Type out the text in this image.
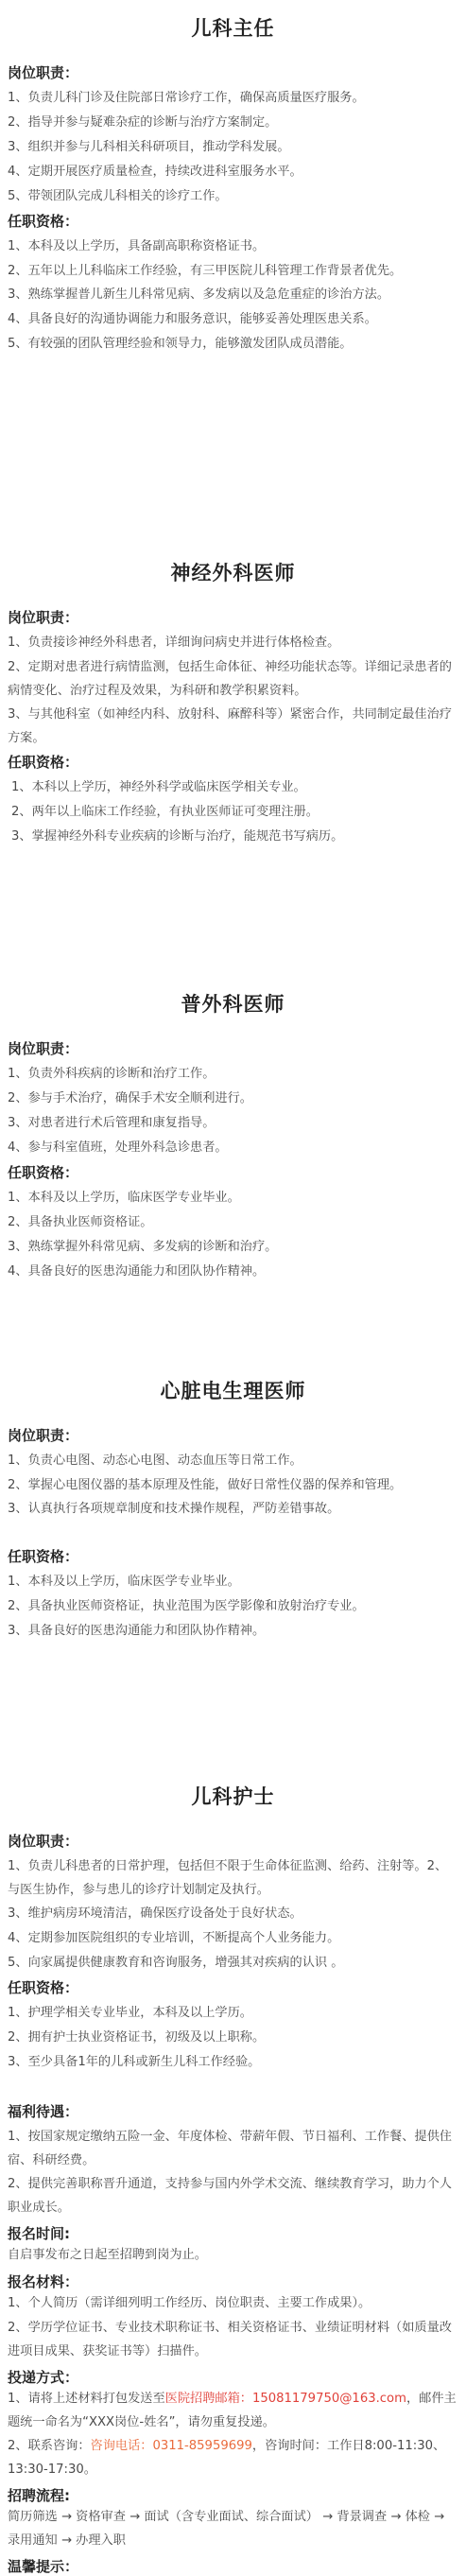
儿科主任
岗位职责：
1、负责儿科门诊及住院部日常诊疗工作，确保高质量医疗服务。
2、指导并参与疑难杂症的诊断与治疗方案制定。
3、组织并参与儿科相关科研项目，推动学科发展。
4、定期开展医疗质量检查，持续改进科室服务水平。
5、带领团队完成儿科相关的诊疗工作。
任职资格：
1、本科及以上学历，具备副高职称资格证书。
2、五年以上儿科临床工作经验，有三甲医院儿科管理工作背景者优先。
3、熟练掌握普儿新生儿科常见病、多发病以及急危重症的诊治方法。
4、具备良好的沟通协调能力和服务意识，能够妥善处理医患关系。
5、有较强的团队管理经验和领导力，能够激发团队成员潜能。
神经外科医师
岗位职责：
1、负责接诊神经外科患者，详细询问病史并进行体格检查。
2、定期对患者进行病情监测，包括生命体征、神经功能状态等。详细记录患者的病情变化、治疗过程及效果，为科研和教学积累资料。
3、与其他科室（如神经内科、放射科、麻醉科等）紧密合作，共同制定最佳治疗方案。
任职资格：
1、本科以上学历，神经外科学或临床医学相关专业。
2、两年以上临床工作经验，有执业医师证可变理注册。
3、掌握神经外科专业疾病的诊断与治疗，能规范书写病历。
普外科医师
岗位职责：
1、负责外科疾病的诊断和治疗工作。
2、参与手术治疗，确保手术安全顺利进行。
3、对患者进行术后管理和康复指导。
4、参与科室值班，处理外科急诊患者。
任职资格：
1、本科及以上学历，临床医学专业毕业。
2、具备执业医师资格证。
3、熟练掌握外科常见病、多发病的诊断和治疗。
4、具备良好的医患沟通能力和团队协作精神。
心脏电生理医师
岗位职责：
1、负责心电图、动态心电图、动态血压等日常工作。
2、掌握心电图仪器的基本原理及性能，做好日常性仪器的保养和管理。
3、认真执行各项规章制度和技术操作规程，严防差错事故。
任职资格：
1、本科及以上学历，临床医学专业毕业。
2、具备执业医师资格证，执业范围为医学影像和放射治疗专业。
3、具备良好的医患沟通能力和团队协作精神。
儿科护士
岗位职责：
1、负责儿科患者的日常护理，包括但不限于生命体征监测、给药、注射等。2、与医生协作，参与患儿的诊疗计划制定及执行。
3、维护病房环境清洁，确保医疗设备处于良好状态。
4、定期参加医院组织的专业培训，不断提高个人业务能力。
5、向家属提供健康教育和咨询服务，增强其对疾病的认识 。
任职资格：
1、护理学相关专业毕业，本科及以上学历。
2、拥有护士执业资格证书，初级及以上职称。
3、至少具备1年的儿科或新生儿科工作经验。
福利待遇：
1、按国家规定缴纳五险一金、年度体检、带薪年假、节日福利、工作餐、提供住宿、科研经费。
2、提供完善职称晋升通道，支持参与国内外学术交流、继续教育学习，助力个人职业成长。
报名时间:
自启事发布之日起至招聘到岗为止。
报名材料：
1、个人简历（需详细列明工作经历、岗位职责、主要工作成果）。
2、学历学位证书、专业技术职称证书、相关资格证书、业绩证明材料（如质量改进项目成果、获奖证书等）扫描件。
投递方式：
1、请将上述材料打包发送至医院招聘邮箱：15081179750@163.com，邮件主题统一命名为“XXX岗位-姓名”，请勿重复投递。
2、联系咨询：咨询电话：0311-85959699，咨询时间：工作日8:00-11:30、13:30-17:30。
招聘流程:
简历筛选 → 资格审查 → 面试（含专业面试、综合面试） → 背景调查 → 体检 → 录用通知 → 办理入职
温馨提示：
